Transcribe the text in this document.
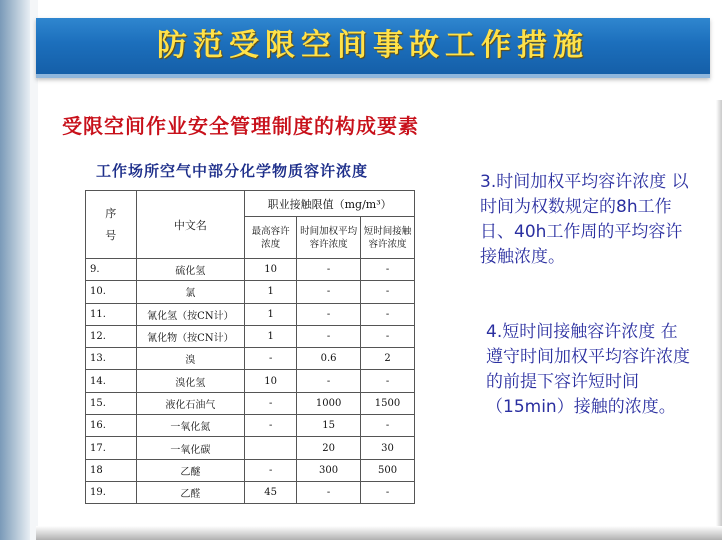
防范受限空间事故工作措施
受限空间作业安全管理制度的构成要素
工作场所空气中部分化学物质容许浓度
序号	中文名	职业接触限值（mg/m³）		
		最高容许浓度	时间加权平均容许浓度	短时间接触容许浓度
9.	硫化氢	10	-	-
10.	氯	1	-	-
11.	氰化氢（按CN计）	1	-	-
12.	氰化物（按CN计）	1	-	-
13.	溴	-	0.6	2
14.	溴化氢	10	-	-
15.	液化石油气	-	1000	1500
16.	一氧化氮	-	15	-
17.	一氧化碳		20	30
18	乙醚	-	300	500
19.	乙醛	45	-	-
3.时间加权平均容许浓度 以时间为权数规定的8h工作日、40h工作周的平均容许接触浓度。
4.短时间接触容许浓度 在遵守时间加权平均容许浓度的前提下容许短时间（15min）接触的浓度。
